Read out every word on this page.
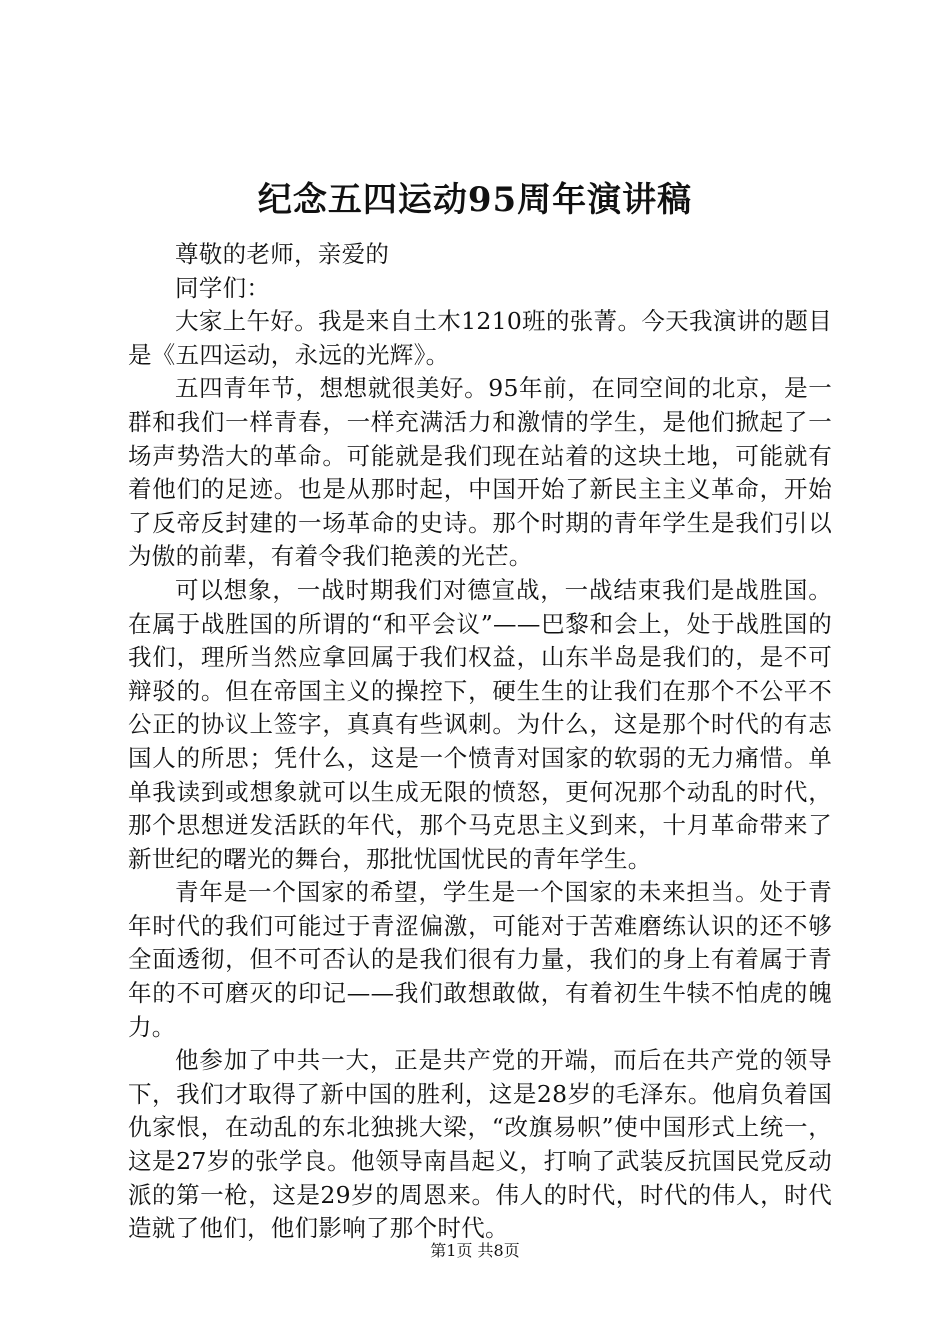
纪念五四运动95周年演讲稿

尊敬的老师，亲爱的

同学们：

大家上午好。我是来自土木1210班的张菁。今天我演讲的题目是《五四运动，永远的光辉》。

五四青年节，想想就很美好。95年前，在同空间的北京，是一群和我们一样青春，一样充满活力和激情的学生，是他们掀起了一场声势浩大的革命。可能就是我们现在站着的这块土地，可能就有着他们的足迹。也是从那时起，中国开始了新民主主义革命，开始了反帝反封建的一场革命的史诗。那个时期的青年学生是我们引以为傲的前辈，有着令我们艳羡的光芒。

可以想象，一战时期我们对德宣战，一战结束我们是战胜国。在属于战胜国的所谓的“和平会议”——巴黎和会上，处于战胜国的我们，理所当然应拿回属于我们权益，山东半岛是我们的，是不可辩驳的。但在帝国主义的操控下，硬生生的让我们在那个不公平不公正的协议上签字，真真有些讽刺。为什么，这是那个时代的有志国人的所思；凭什么，这是一个愤青对国家的软弱的无力痛惜。单单我读到或想象就可以生成无限的愤怒，更何况那个动乱的时代，那个思想迸发活跃的年代，那个马克思主义到来，十月革命带来了新世纪的曙光的舞台，那批忧国忧民的青年学生。

青年是一个国家的希望，学生是一个国家的未来担当。处于青年时代的我们可能过于青涩偏激，可能对于苦难磨练认识的还不够全面透彻，但不可否认的是我们很有力量，我们的身上有着属于青年的不可磨灭的印记——我们敢想敢做，有着初生牛犊不怕虎的魄力。

他参加了中共一大，正是共产党的开端，而后在共产党的领导下，我们才取得了新中国的胜利，这是28岁的毛泽东。他肩负着国仇家恨，在动乱的东北独挑大梁，“改旗易帜”使中国形式上统一，这是27岁的张学良。他领导南昌起义，打响了武装反抗国民党反动派的第一枪，这是29岁的周恩来。伟人的时代，时代的伟人，时代造就了他们，他们影响了那个时代。

第1页 共8页
